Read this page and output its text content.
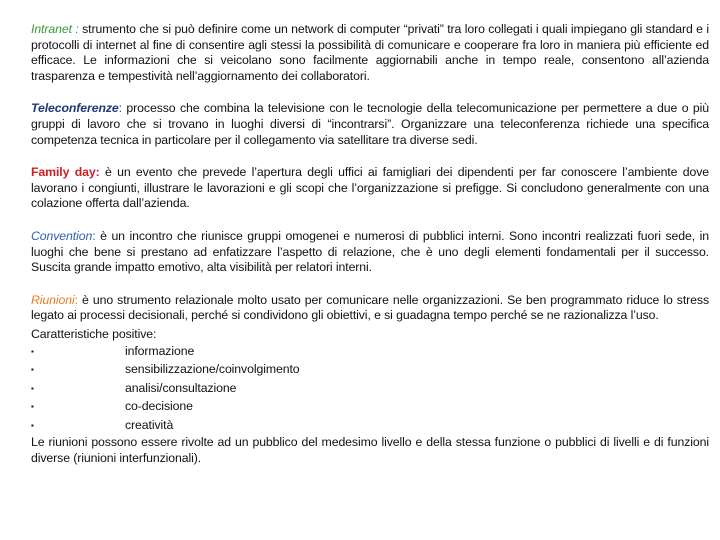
Intranet : strumento che si può definire come un network di computer “privati” tra loro collegati i quali impiegano gli standard e i protocolli di internet al fine di consentire agli stessi la possibilità di comunicare e cooperare fra loro in maniera più efficiente ed efficace. Le informazioni che si veicolano sono facilmente aggiornabili anche in tempo reale, consentono all’azienda trasparenza e tempestività nell’aggiornamento dei collaboratori.

Teleconferenze: processo che combina la televisione con le tecnologie della telecomunicazione per permettere a due o più gruppi di lavoro che si trovano in luoghi diversi di “incontrarsi”. Organizzare una teleconferenza richiede una specifica competenza tecnica in particolare per il collegamento via satellitare tra diverse sedi.

Family day: è un evento che prevede l’apertura degli uffici ai famigliari dei dipendenti per far conoscere l’ambiente dove lavorano i congiunti, illustrare le lavorazioni e gli scopi che l’organizzazione si prefigge. Si concludono generalmente con una colazione offerta dall’azienda.

Convention: è un incontro che riunisce gruppi omogenei e numerosi di pubblici interni. Sono incontri realizzati fuori sede, in luoghi che bene si prestano ad enfatizzare l’aspetto di relazione, che è uno degli elementi fondamentali per il successo. Suscita grande impatto emotivo, alta visibilità per relatori interni.

Riunioni: è uno strumento relazionale molto usato per comunicare nelle organizzazioni. Se ben programmato riduce lo stress legato ai processi decisionali, perché si condividono gli obiettivi, e si guadagna tempo perché se ne razionalizza l’uso.

Caratteristiche positive:

▪	informazione
▪	sensibilizzazione/coinvolgimento
▪	analisi/consultazione
▪	co-decisione
▪	creatività

Le riunioni possono essere rivolte ad un pubblico del medesimo livello e della stessa funzione o pubblici di livelli e di funzioni diverse (riunioni interfunzionali).
